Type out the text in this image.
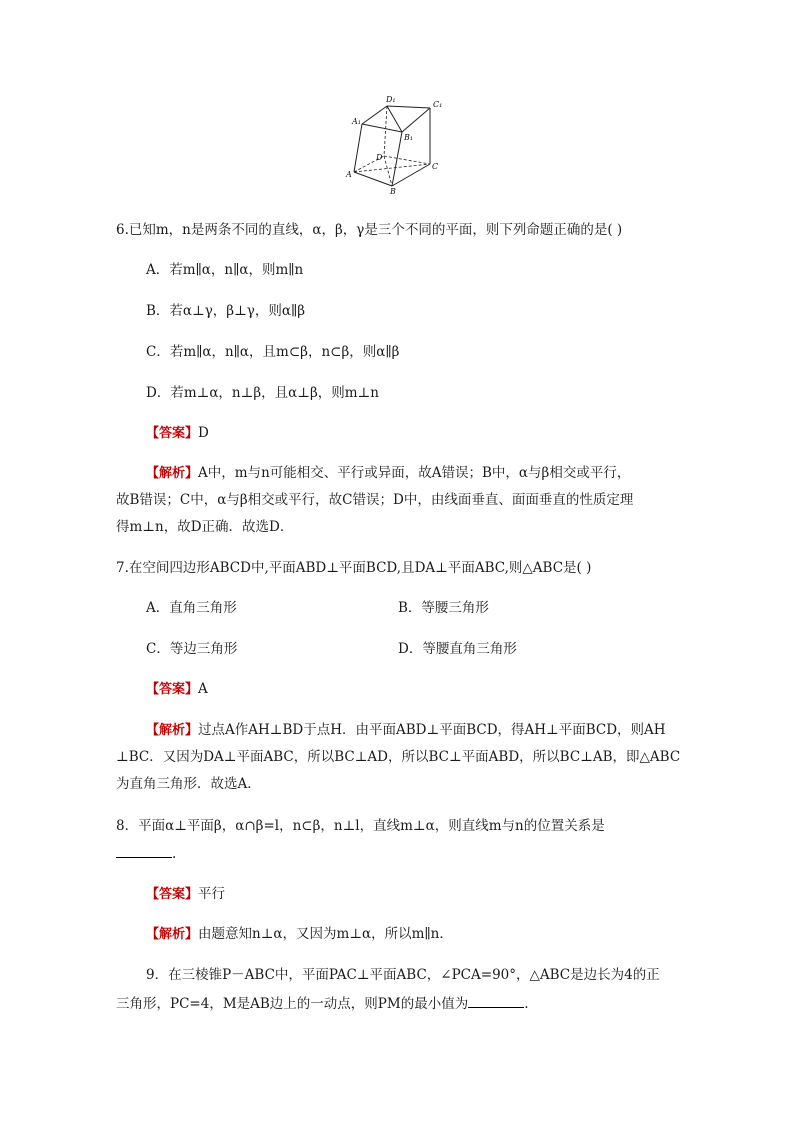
D₁
C₁
A₁
B₁
D
C
A
B
6.已知m，n是两条不同的直线，α，β，γ是三个不同的平面，则下列命题正确的是( )
A．若m∥α，n∥α，则m∥n
B．若α⊥γ，β⊥γ，则α∥β
C．若m∥α，n∥α，且m⊂β，n⊂β，则α∥β
D．若m⊥α，n⊥β，且α⊥β，则m⊥n
【答案】D
【解析】A中，m与n可能相交、平行或异面，故A错误；B中，α与β相交或平行，
故B错误；C中，α与β相交或平行，故C错误；D中，由线面垂直、面面垂直的性质定理
得m⊥n，故D正确．故选D．
7.在空间四边形ABCD中,平面ABD⊥平面BCD,且DA⊥平面ABC,则△ABC是( )
A．直角三角形	B．等腰三角形
C．等边三角形	D．等腰直角三角形
【答案】A
【解析】过点A作AH⊥BD于点H．由平面ABD⊥平面BCD，得AH⊥平面BCD，则AH
⊥BC．又因为DA⊥平面ABC，所以BC⊥AD，所以BC⊥平面ABD，所以BC⊥AB，即△ABC
为直角三角形．故选A．
8．平面α⊥平面β，α∩β=l，n⊂β，n⊥l，直线m⊥α，则直线m与n的位置关系是
.
【答案】平行
【解析】由题意知n⊥α，又因为m⊥α，所以m∥n．
9．在三棱锥P－ABC中，平面PAC⊥平面ABC，∠PCA=90°，△ABC是边长为4的正
三角形，PC=4，M是AB边上的一动点，则PM的最小值为	.
